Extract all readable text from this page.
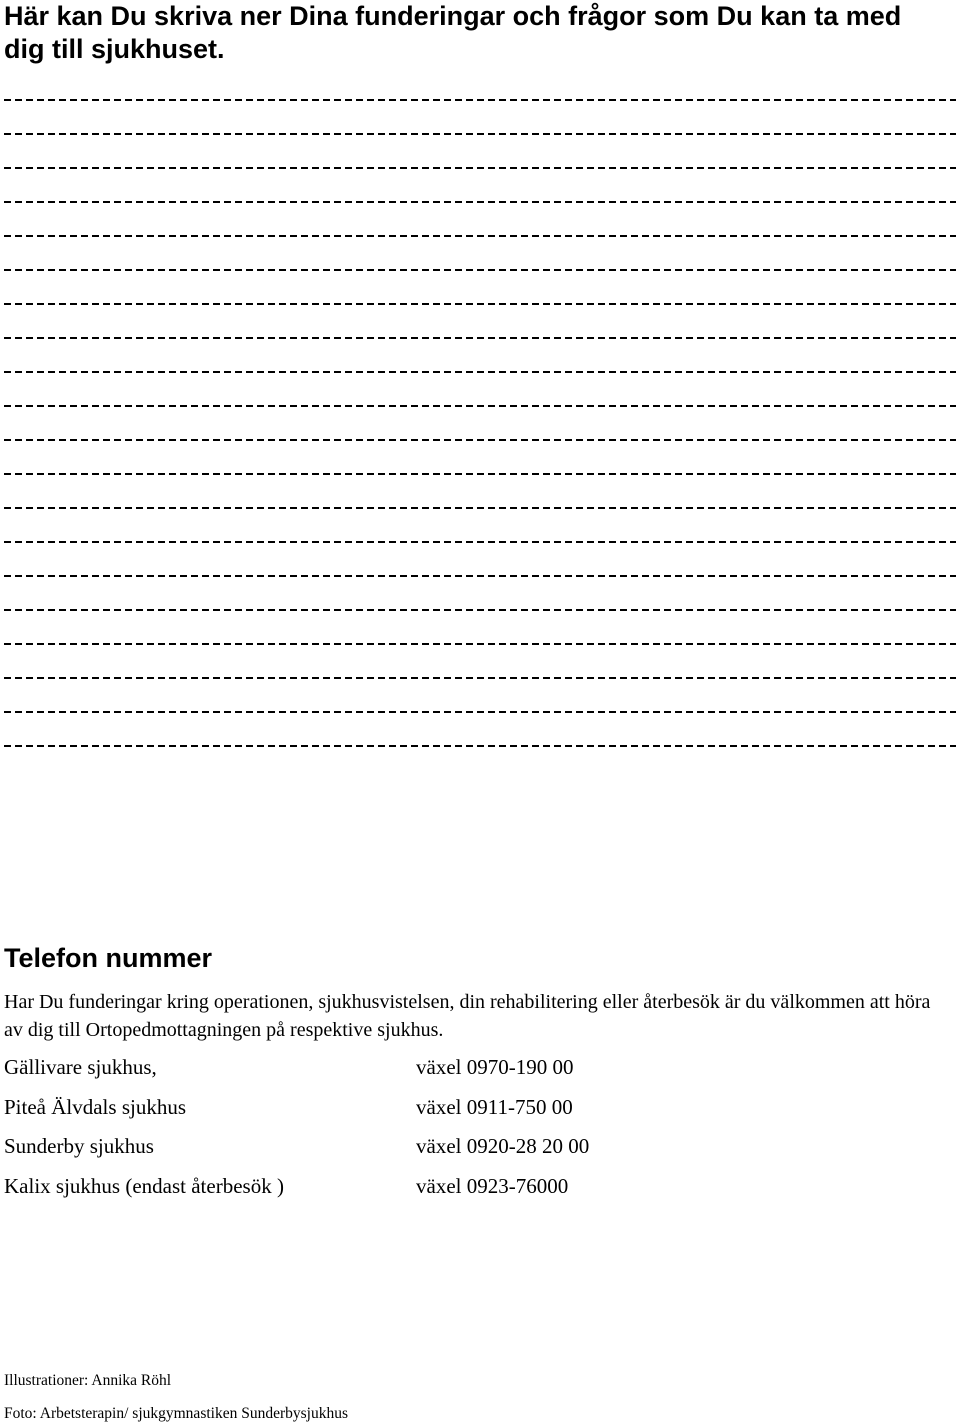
Här kan Du skriva ner Dina funderingar och frågor som Du kan ta med dig till sjukhuset.
Telefon nummer

Har Du funderingar kring operationen, sjukhusvistelsen, din rehabilitering eller återbesök är du välkommen att höra av dig till Ortopedmottagningen på respektive sjukhus.

Gällivare sjukhus,	växel 0970-190 00
Piteå Älvdals sjukhus	växel 0911-750 00
Sunderby sjukhus	växel 0920-28 20 00
Kalix sjukhus (endast återbesök )	växel 0923-76000

Illustrationer: Annika Röhl

Foto: Arbetsterapin/ sjukgymnastiken Sunderbysjukhus
